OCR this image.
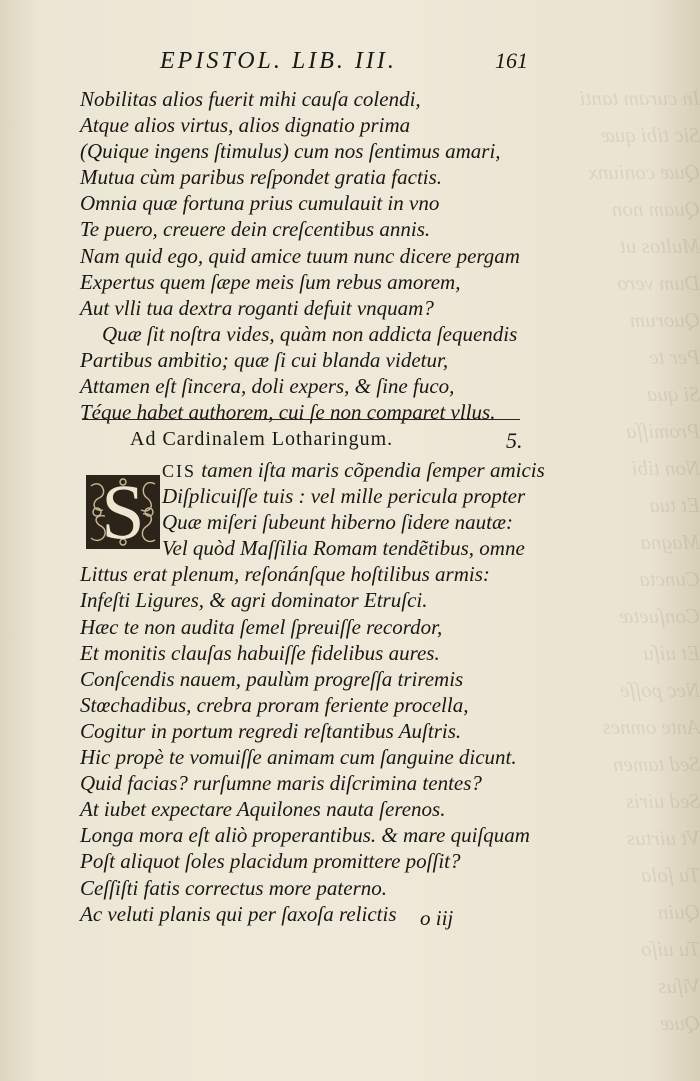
In curam tanti
Sic tibi quæ
Quæ coniunx
Quam non
Multos ut
Dum vero
Quorum
Per te
Si qua
Promiſſa
Non tibi
Et tua
Magna
Cuncta
Conſuetæ
Et uiſu
Nec poſſe
Ante omnes
Sed tamen
Sed uiris
Vt uirtus
Tu ſola
Quin
Tu uiſo
Viſus
Quæ
EPISTOL. LIB. III.	161
Nobilitas alios fuerit mihi cauſa colendi,
Atque alios virtus, alios dignatio prima
(Quique ingens ſtimulus) cum nos ſentimus amari,
Mutua cùm paribus reſpondet gratia factis.
Omnia quæ fortuna prius cumulauit in vno
Te puero, creuere dein creſcentibus annis.
Nam quid ego, quid amice tuum nunc dicere pergam
Expertus quem ſæpe meis ſum rebus amorem,
Aut vlli tua dextra roganti defuit vnquam?
Quæ ſit noſtra vides, quàm non addicta ſequendis
Partibus ambitio; quæ ſi cui blanda videtur,
Attamen eſt ſincera, doli expers, & ſine fuco,
Téque habet authorem, cui ſe non comparet vllus.
Ad Cardinalem Lotharingum.	5.
CIS tamen iſta maris cõpendia ſemper amicis
S Diſplicuiſſe tuis : vel mille pericula propter
Quæ miſeri ſubeunt hiberno ſidere nautæ:
Vel quòd Maſſilia Romam tendẽtibus, omne
Littus erat plenum, reſonánſque hoſtilibus armis:
Infeſti Ligures, & agri dominator Etruſci.
Hæc te non audita ſemel ſpreuiſſe recordor,
Et monitis clauſas habuiſſe fidelibus aures.
Conſcendis nauem, paulùm progreſſa triremis
Stœchadibus, crebra proram feriente procella,
Cogitur in portum regredi reſtantibus Auſtris.
Hic propè te vomuiſſe animam cum ſanguine dicunt.
Quid facias? rurſumne maris diſcrimina tentes?
At iubet expectare Aquilones nauta ſerenos.
Longa mora eſt aliò properantibus. & mare quiſquam
Poſt aliquot ſoles placidum promittere poſſit?
Ceſſiſti fatis correctus more paterno.
Ac veluti planis qui per ſaxoſa relictis	o iij
